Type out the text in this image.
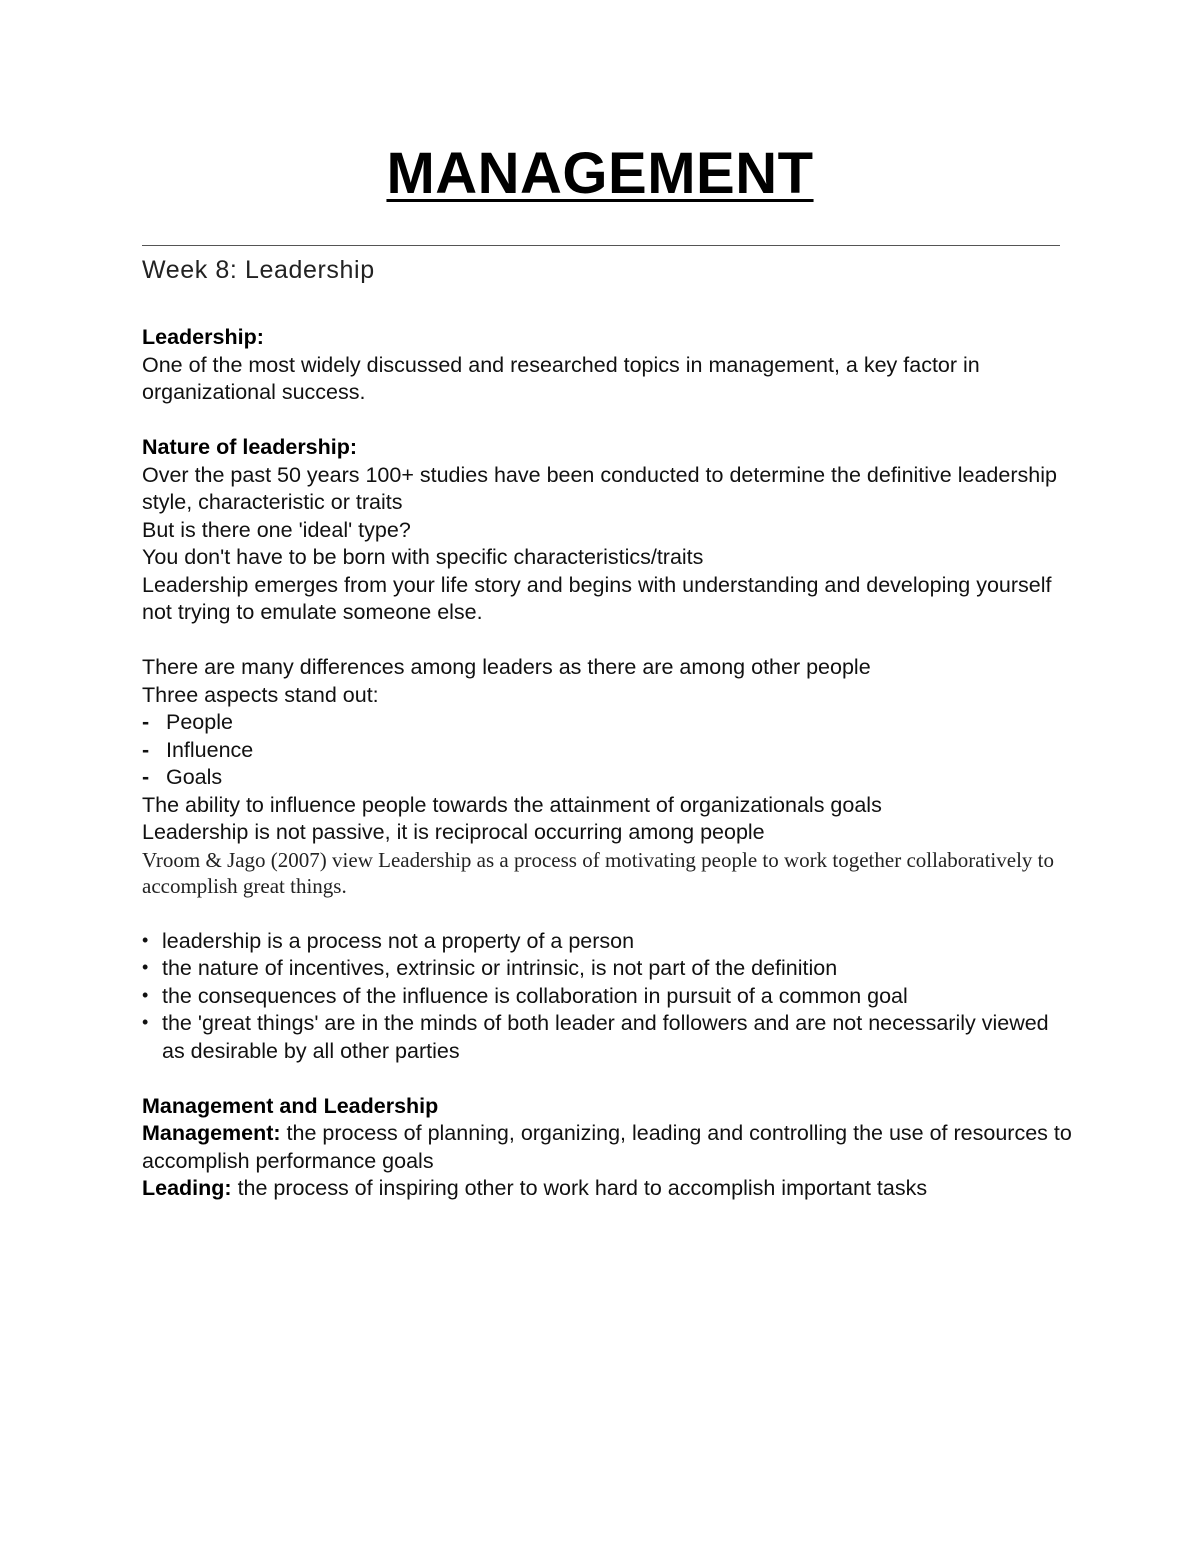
MANAGEMENT
Week 8: Leadership

Leadership:

One of the most widely discussed and researched topics in management, a key factor in organizational success.

Nature of leadership:

Over the past 50 years 100+ studies have been conducted to determine the definitive leadership style, characteristic or traits

But is there one 'ideal' type?

You don't have to be born with specific characteristics/traits

Leadership emerges from your life story and begins with understanding and developing yourself not trying to emulate someone else.

There are many differences among leaders as there are among other people

Three aspects stand out:

- People
- Influence
- Goals

The ability to influence people towards the attainment of organizationals goals

Leadership is not passive, it is reciprocal occurring among people

Vroom & Jago (2007) view Leadership as a process of motivating people to work together collaboratively to accomplish great things.

• leadership is a process not a property of a person
• the nature of incentives, extrinsic or intrinsic, is not part of the definition
• the consequences of the influence is collaboration in pursuit of a common goal
• the 'great things' are in the minds of both leader and followers and are not necessarily viewed as desirable by all other parties

Management and Leadership

Management: the process of planning, organizing, leading and controlling the use of resources to accomplish performance goals

Leading: the process of inspiring other to work hard to accomplish important tasks
